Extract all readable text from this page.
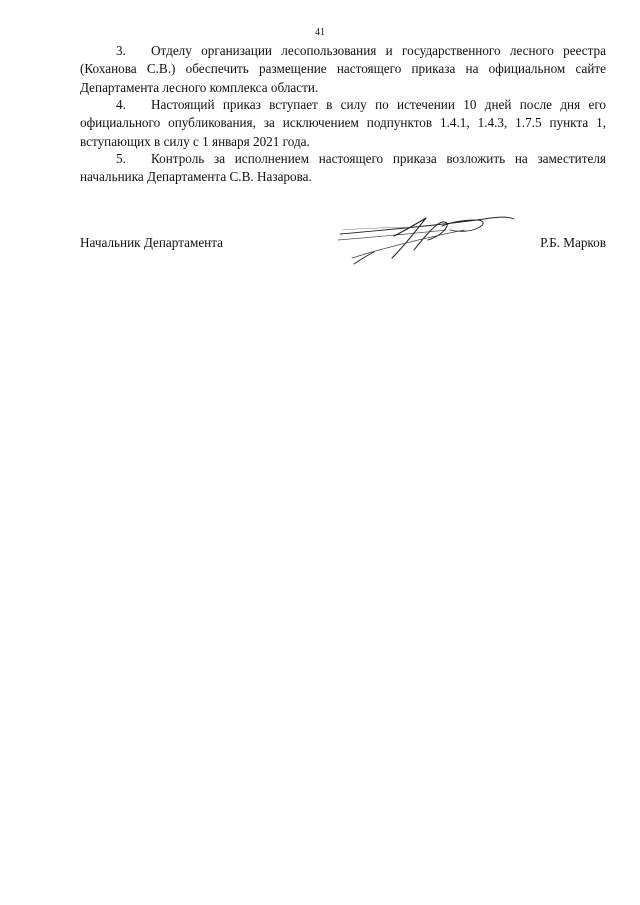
41

3. Отделу организации лесопользования и государственного лесного реестра (Коханова С.В.) обеспечить размещение настоящего приказа на официальном сайте Департамента лесного комплекса области.

4. Настоящий приказ вступает в силу по истечении 10 дней после дня его официального опубликования, за исключением подпунктов 1.4.1, 1.4.3, 1.7.5 пункта 1, вступающих в силу с 1 января 2021 года.

5. Контроль за исполнением настоящего приказа возложить на заместителя начальника Департамента С.В. Назарова.

Начальник Департамента	Р.Б. Марков
